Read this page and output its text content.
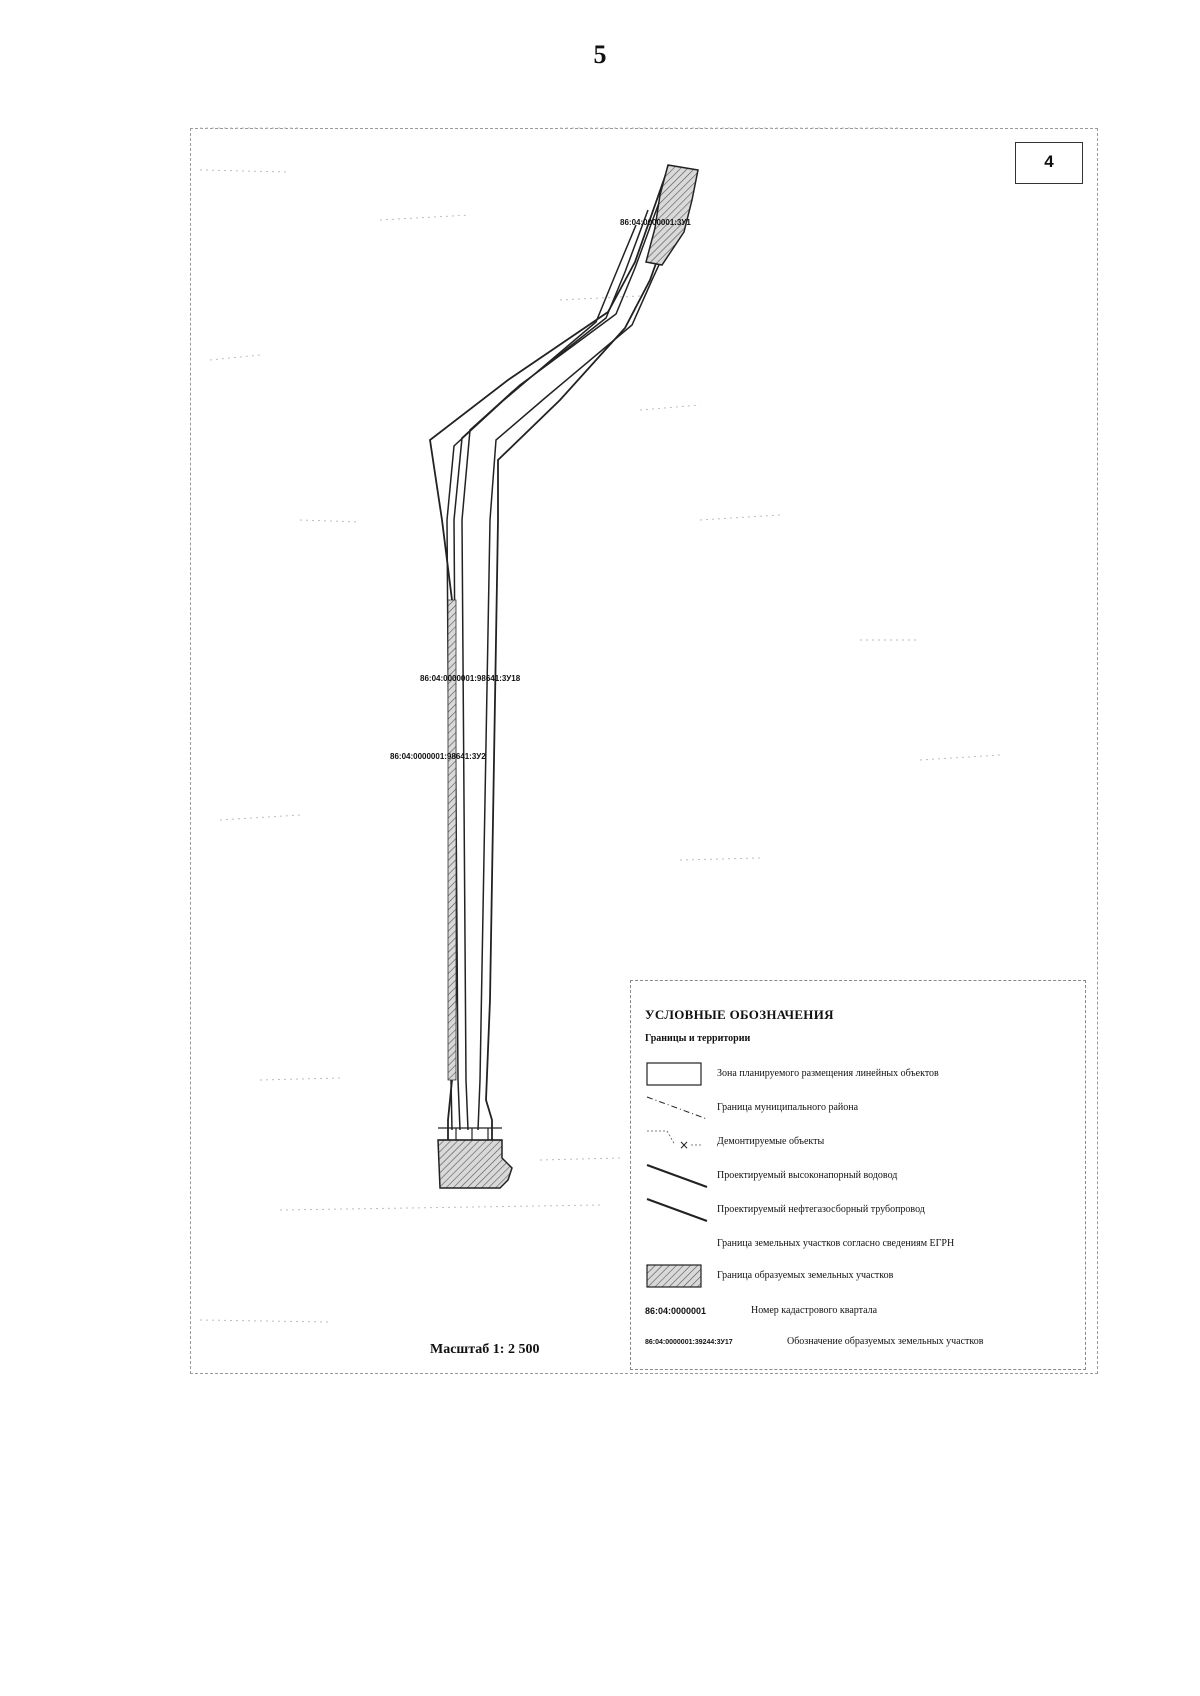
5
4
86:04:0000001:3У1
86:04:0000001:98641:3У18
86:04:0000001:98641:3У2
Масштаб 1: 2 500
УСЛОВНЫЕ ОБОЗНАЧЕНИЯ
Границы и территории
Зона планируемого размещения линейных объектов
Граница муниципального района
×	Демонтируемые объекты
Проектируемый высоконапорный водовод
Проектируемый нефтегазосборный трубопровод
Граница земельных участков согласно сведениям ЕГРН
Граница образуемых земельных участков
86:04:0000001	Номер кадастрового квартала
86:04:0000001:39244:3У17	Обозначение образуемых земельных участков
